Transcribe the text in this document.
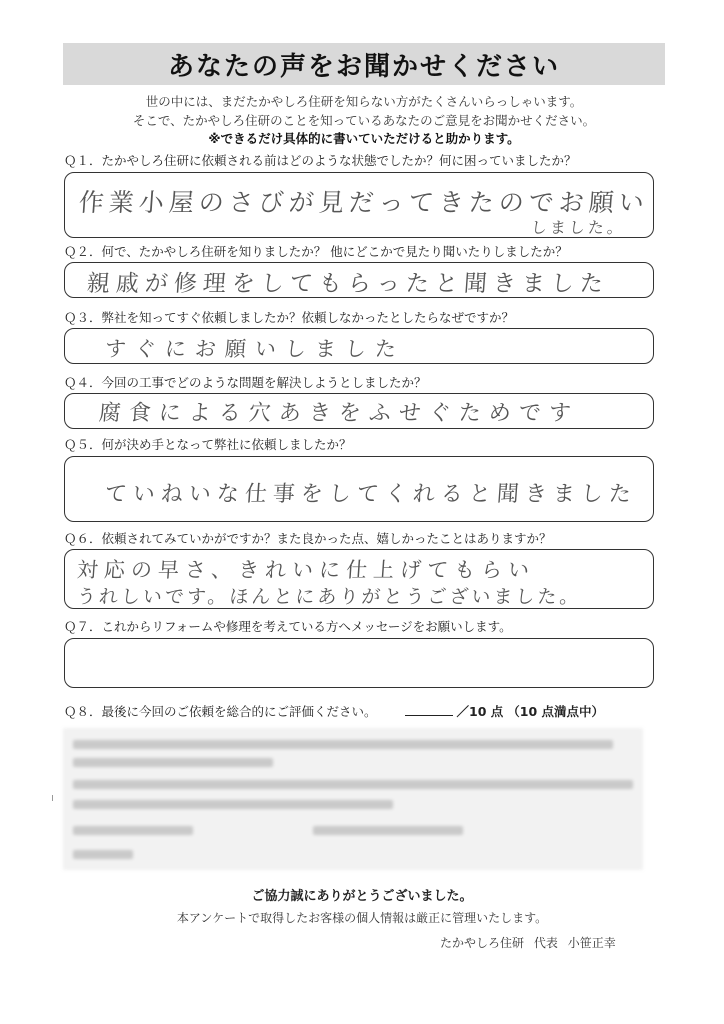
あなたの声をお聞かせください
世の中には、まだたかやしろ住研を知らない方がたくさんいらっしゃいます。
そこで、たかやしろ住研のことを知っているあなたのご意見をお聞かせください。
※できるだけ具体的に書いていただけると助かります。
Ｑ１．たかやしろ住研に依頼される前はどのような状態でしたか？何に困っていましたか？
作業小屋のさびが見だってきたのでお願い
しました。
Ｑ２．何で、たかやしろ住研を知りましたか？ 他にどこかで見たり聞いたりしましたか？
親戚が修理をしてもらったと聞きました
Ｑ３．弊社を知ってすぐ依頼しましたか？依頼しなかったとしたらなぜですか？
すぐにお願いしました
Ｑ４．今回の工事でどのような問題を解決しようとしましたか？
腐食による穴あきをふせぐためです
Ｑ５．何が決め手となって弊社に依頼しましたか？
ていねいな仕事をしてくれると聞きました
Ｑ６．依頼されてみていかがですか？また良かった点、嬉しかったことはありますか？
対応の早さ、きれいに仕上げてもらい
うれしいです。ほんとにありがとうございました。
Ｑ７．これからリフォームや修理を考えている方へメッセージをお願いします。
Ｑ８．最後に今回のご依頼を総合的にご評価ください。	／10 点 （10 点満点中）
ご協力誠にありがとうございました。
本アンケートで取得したお客様の個人情報は厳正に管理いたします。
たかやしろ住研 代表 小笹正幸
